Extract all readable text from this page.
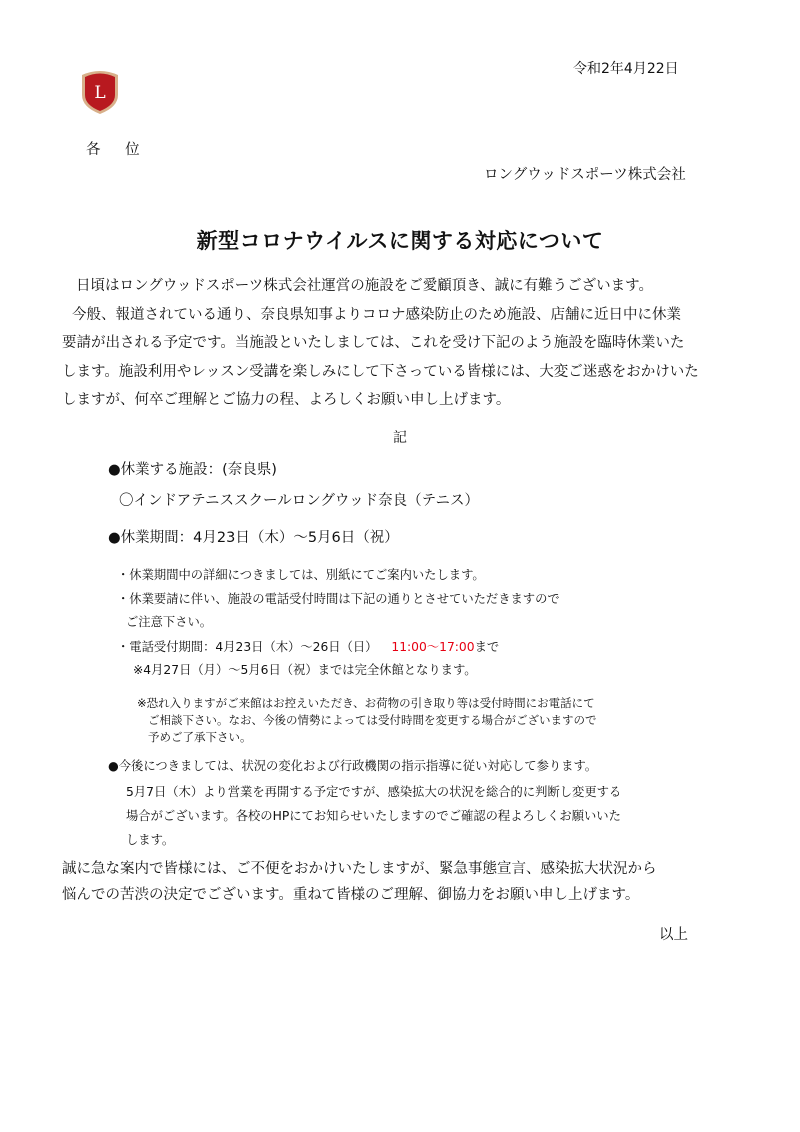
L
令和2年4月22日
各 位
ロングウッドスポーツ株式会社
新型コロナウイルスに関する対応について

日頃はロングウッドスポーツ株式会社運営の施設をご愛顧頂き、誠に有難うございます。

今般、報道されている通り、奈良県知事よりコロナ感染防止のため施設、店舗に近日中に休業

要請が出される予定です。当施設といたしましては、これを受け下記のよう施設を臨時休業いた

します。施設利用やレッスン受講を楽しみにして下さっている皆様には、大変ご迷惑をおかけいた

しますが、何卒ご理解とご協力の程、よろしくお願い申し上げます。

記
●休業する施設：(奈良県)
〇インドアテニススクールロングウッド奈良（テニス）
●休業期間：4月23日（木）～5月6日（祝）
・休業期間中の詳細につきましては、別紙にてご案内いたします。
・休業要請に伴い、施設の電話受付時間は下記の通りとさせていただきますので
ご注意下さい。
・電話受付期間：4月23日（木）～26日（日） 11:00～17:00まで
※4月27日（月）～5月6日（祝）までは完全休館となります。
※恐れ入りますがご来館はお控えいただき、お荷物の引き取り等は受付時間にお電話にて
ご相談下さい。なお、今後の情勢によっては受付時間を変更する場合がございますので
予めご了承下さい。
●今後につきましては、状況の変化および行政機関の指示指導に従い対応して参ります。
5月7日（木）より営業を再開する予定ですが、感染拡大の状況を総合的に判断し変更する
場合がございます。各校のHPにてお知らせいたしますのでご確認の程よろしくお願いいた
します。

誠に急な案内で皆様には、ご不便をおかけいたしますが、緊急事態宣言、感染拡大状況から

悩んでの苦渋の決定でございます。重ねて皆様のご理解、御協力をお願い申し上げます。

以上
